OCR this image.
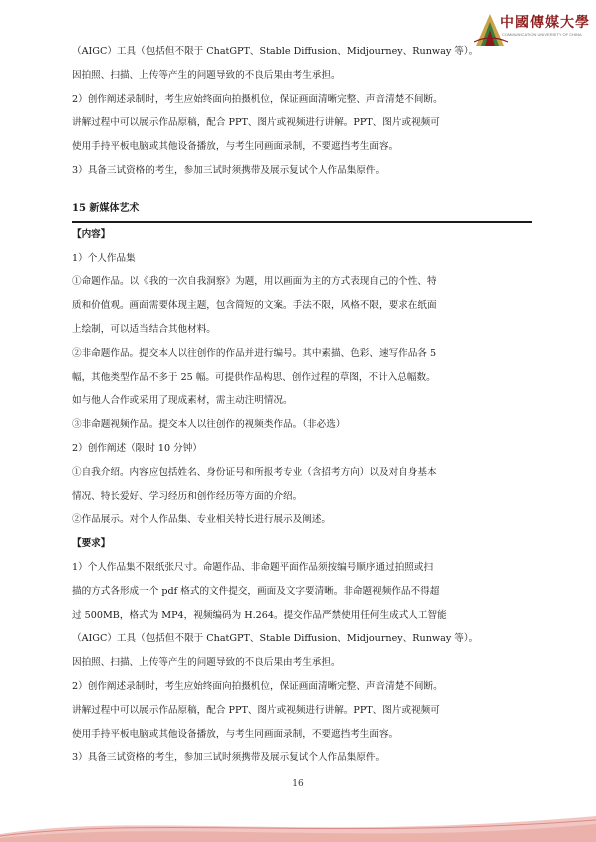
中國傳媒大學
COMMUNICATION UNIVERSITY OF CHINA
（AIGC）工具（包括但不限于 ChatGPT、Stable Diffusion、Midjourney、Runway 等）。
因拍照、扫描、上传等产生的问题导致的不良后果由考生承担。
2）创作阐述录制时，考生应始终面向拍摄机位，保证画面清晰完整、声音清楚不间断。
讲解过程中可以展示作品原稿，配合 PPT、图片或视频进行讲解。PPT、图片或视频可
使用手持平板电脑或其他设备播放，与考生同画面录制，不要遮挡考生面容。
3）具备三试资格的考生，参加三试时须携带及展示复试个人作品集原件。
15 新媒体艺术
【内容】
1）个人作品集
①命题作品。以《我的一次自我洞察》为题，用以画面为主的方式表现自己的个性、特
质和价值观。画面需要体现主题，包含简短的文案。手法不限，风格不限，要求在纸面
上绘制，可以适当结合其他材料。
②非命题作品。提交本人以往创作的作品并进行编号。其中素描、色彩、速写作品各 5
幅，其他类型作品不多于 25 幅。可提供作品构思、创作过程的草图，不计入总幅数。
如与他人合作或采用了现成素材，需主动注明情况。
③非命题视频作品。提交本人以往创作的视频类作品。（非必选）
2）创作阐述（限时 10 分钟）
①自我介绍。内容应包括姓名、身份证号和所报考专业（含招考方向）以及对自身基本
情况、特长爱好、学习经历和创作经历等方面的介绍。
②作品展示。对个人作品集、专业相关特长进行展示及阐述。
【要求】
1）个人作品集不限纸张尺寸。命题作品、非命题平面作品须按编号顺序通过拍照或扫
描的方式各形成一个 pdf 格式的文件提交，画面及文字要清晰。非命题视频作品不得超
过 500MB，格式为 MP4，视频编码为 H.264。提交作品严禁使用任何生成式人工智能
（AIGC）工具（包括但不限于 ChatGPT、Stable Diffusion、Midjourney、Runway 等）。
因拍照、扫描、上传等产生的问题导致的不良后果由考生承担。
2）创作阐述录制时，考生应始终面向拍摄机位，保证画面清晰完整、声音清楚不间断。
讲解过程中可以展示作品原稿，配合 PPT、图片或视频进行讲解。PPT、图片或视频可
使用手持平板电脑或其他设备播放，与考生同画面录制，不要遮挡考生面容。
3）具备三试资格的考生，参加三试时须携带及展示复试个人作品集原件。
16
